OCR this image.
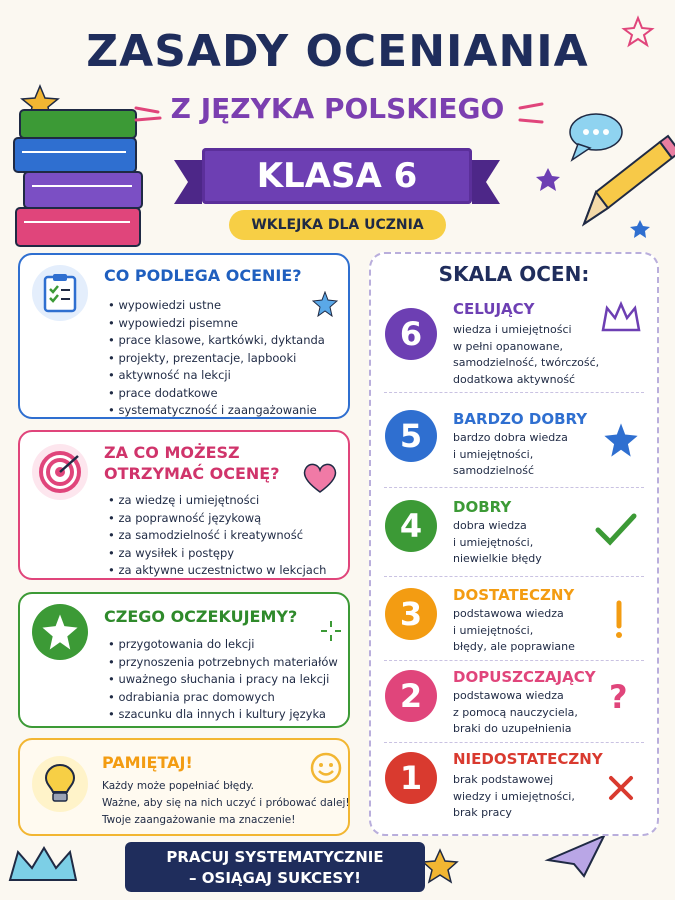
ZASADY OCENIANIA
Z JĘZYKA POLSKIEGO
KLASA 6
WKLEJKA DLA UCZNIA
CO PODLEGA OCENIE?
• wypowiedzi ustne
• wypowiedzi pisemne
• prace klasowe, kartkówki, dyktanda
• projekty, prezentacje, lapbooki
• aktywność na lekcji
• prace dodatkowe
• systematyczność i zaangażowanie
ZA CO MOŻESZ
OTRZYMAĆ OCENĘ?
• za wiedzę i umiejętności
• za poprawność językową
• za samodzielność i kreatywność
• za wysiłek i postępy
• za aktywne uczestnictwo w lekcjach
CZEGO OCZEKUJEMY?
• przygotowania do lekcji
• przynoszenia potrzebnych materiałów
• uważnego słuchania i pracy na lekcji
• odrabiania prac domowych
• szacunku dla innych i kultury języka
PAMIĘTAJ!
Każdy może popełniać błędy.
Ważne, aby się na nich uczyć i próbować dalej!
Twoje zaangażowanie ma znaczenie!
SKALA OCEN:
6
CELUJĄCY
wiedza i umiejętności
w pełni opanowane,
samodzielność, twórczość,
dodatkowa aktywność
5	BARDZO DOBRY
bardzo dobra wiedza
i umiejętności,
samodzielność
4	DOBRY
dobra wiedza
i umiejętności,
niewielkie błędy
3	DOSTATECZNY
podstawowa wiedza
i umiejętności,
błędy, ale poprawiane
2	DOPUSZCZAJĄCY
podstawowa wiedza
z pomocą nauczyciela,
braki do uzupełnienia
?
1	NIEDOSTATECZNY
brak podstawowej
wiedzy i umiejętności,
brak pracy
PRACUJ SYSTEMATYCZNIE
– OSIĄGAJ SUKCESY!
